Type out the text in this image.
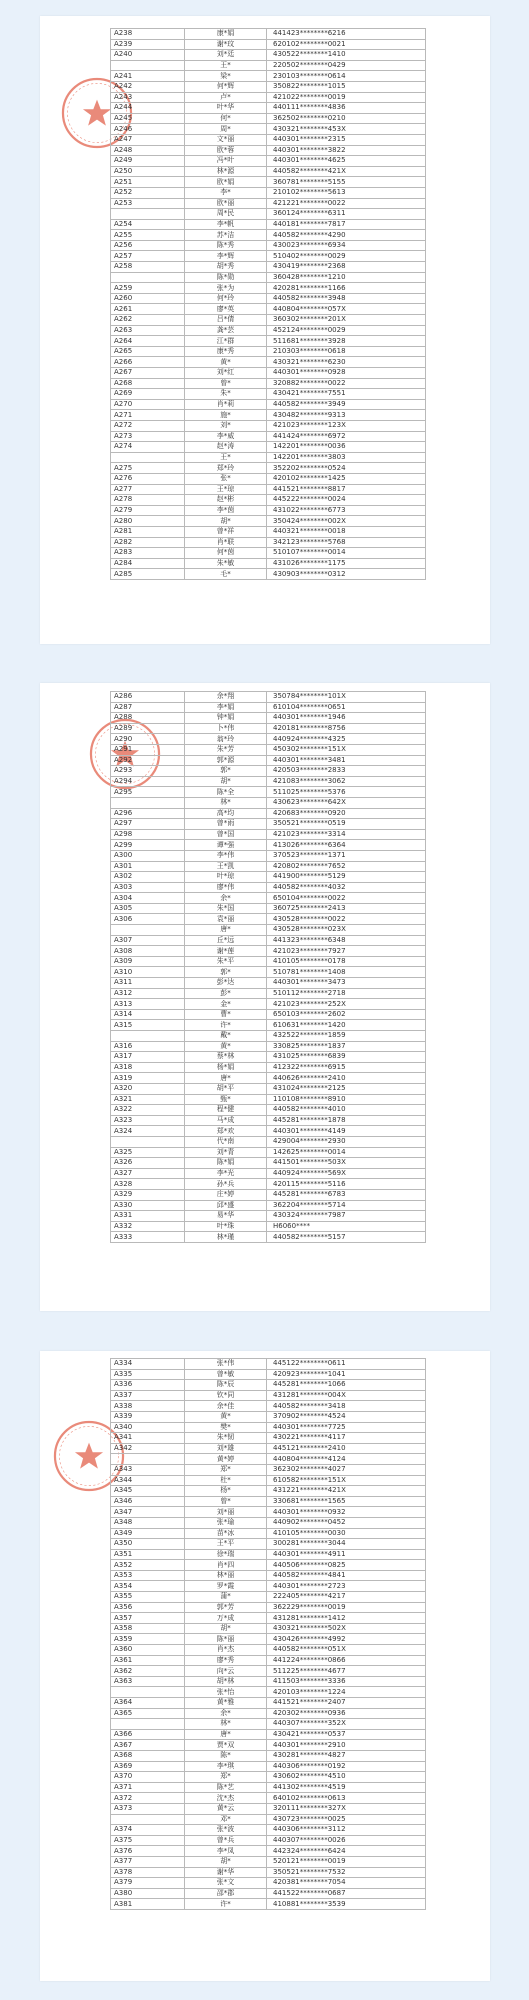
A238	康*娟	441423********6216
A239	谢*玟	620102********0021
A240	刘*廷	430522********1410
	王*	220502********0429
A241	梁*	230103********0614
A242	何*辉	350822********1015
A243	卢*	421022********0019
A244	叶*华	440111********4836
A245	何*	362502********0210
A246	周*	430321********453X
A247	文*丽	440301********2315
A248	欧*蓉	440301********3822
A249	冯*叶	440301********4625
A250	林*源	440582********421X
A251	欧*娟	360781********5155
A252	李*	210102********5613
A253	欧*丽	421221********0022
	周*民	360124********6311
A254	李*帆	440181********7817
A255	苏*洁	440582********4290
A256	陈*秀	430023********6934
A257	李*辉	510402********0029
A258	胡*秀	430419********2368
	陈*勋	360428********1210
A259	张*为	420281********1166
A260	何*玲	440582********3948
A261	廖*英	440804********057X
A262	吕*倩	360302********201X
A263	龚*芸	452124********0029
A264	江*群	511681********3928
A265	康*秀	210303********0618
A266	黄*	430321********6230
A267	刘*红	440301********0928
A268	曾*	320882********0022
A269	朱*	430421********7551
A270	肖*莉	440582********3949
A271	施*	430482********9313
A272	刘*	421023********123X
A273	李*威	441424********6972
A274	赵*涛	142201********0036
	王*	142201********3803
A275	郑*玲	352202********0524
A276	张*	420102********1425
A277	王*琼	441521********8817
A278	赵*彬	445222********0024
A279	李*茵	431022********6773
A280	胡*	350424********002X
A281	曾*祥	440321********0018
A282	肖*联	342123********5768
A283	何*茵	510107********0014
A284	朱*敏	431026********1175
A285	毛*	430903********0312
A286	余*翔	350784********101X
A287	李*娟	610104********0651
A288	钟*娟	440301********1946
A289	卜*伟	420181********8756
A290	翁*玲	440924********4325
A291	朱*芳	450302********151X
A292	郭*源	440301********3481
A293	郭*	420503********2833
A294	胡*	421083********3062
A295	陈*全	511025********5376
	林*	430623********642X
A296	高*均	420683********0920
A297	曾*雨	350521********0519
A298	曾*国	421023********3314
A299	谭*强	413026********6364
A300	李*伟	370523********1371
A301	王*凯	420802********7652
A302	叶*琼	441900********5129
A303	廖*伟	440582********4032
A304	余*	650104********0022
A305	朱*国	360725********2413
A306	袁*丽	430528********0022
	唐*	430528********023X
A307	丘*远	441323********6348
A308	谢*莲	421023********7927
A309	朱*平	410105********0178
A310	郭*	510781********1408
A311	彭*达	440301********3473
A312	彭*	510112********2718
A313	金*	421023********252X
A314	曹*	650103********2602
A315	许*	610631********1420
	戴*	432522********1859
A316	黄*	330825********1837
A317	蔡*林	431025********6839
A318	杨*娟	412322********6915
A319	唐*	440626********2410
A320	胡*平	431024********2125
A321	甄*	110108********8910
A322	程*健	440582********4010
A323	马*成	445281********1878
A324	郑*欢	440301********4149
	代*南	429004********2930
A325	刘*青	142625********0014
A326	陈*娟	441501********503X
A327	李*光	440924********569X
A328	孙*兵	420115********5116
A329	庄*婷	445281********6783
A330	邱*盛	362204********5714
A331	易*华	430324********7987
A332	叶*珠	H6060****
A333	林*瑾	440582********5157
A334	张*伟	445122********0611
A335	曾*敏	420923********1041
A336	陈*辰	445281********1066
A337	钦*同	431281********004X
A338	余*佳	440582********3418
A339	黄*	370902********4524
A340	樊*	440301********7725
A341	朱*韧	430221********4117
A342	刘*雄	445121********2410
	黄*婷	440804********4124
A343	郑*	362302********4027
A344	杜*	610582********151X
A345	杨*	431221********421X
A346	曾*	330681********1565
A347	刘*丽	440301********0932
A348	张*瑜	440902********0452
A349	苗*冰	410105********0030
A350	王*平	300281********3044
A351	徐*瑞	440301********4911
A352	肖*四	440506********0825
A353	林*丽	440582********4841
A354	罗*霞	440301********2723
A355	蒲*	222405********4217
A356	郭*芳	362229********0019
A357	万*成	431281********1412
A358	胡*	430321********502X
A359	陈*丽	430426********4992
A360	肖*杰	440582********051X
A361	廖*秀	441224********0866
A362	向*云	511225********4677
A363	胡*林	411503********3336
	张*怡	420103********1224
A364	黄*雅	441521********2407
A365	余*	420302********0936
	林*	440307********352X
A366	唐*	430421********0537
A367	贾*双	440301********2910
A368	陈*	430281********4827
A369	李*琪	440306********0192
A370	郑*	430602********4510
A371	陈*艺	441302********4519
A372	沈*杰	640102********0613
A373	黄*云	320111********327X
	邓*	430723********0025
A374	张*波	440306********3112
A375	曾*兵	440307********0026
A376	李*凤	442324********6424
A377	胡*	520121********0019
A378	谢*华	350521********7532
A379	张*文	420381********7054
A380	邵*郡	441522********0687
A381	许*	410881********3539
